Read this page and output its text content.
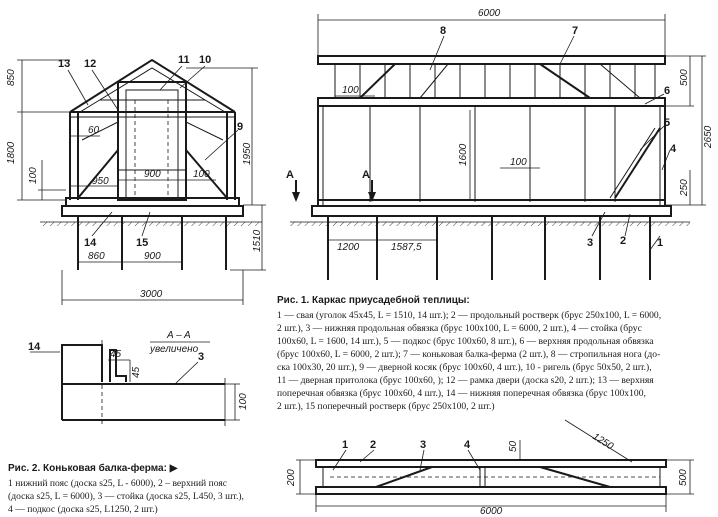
850
1800
100
60
950
900	100
1950
1510
860	900
3000
13 12	11 10
9
14	15
6000
500
100
1600	100
2650
250
1200	1587,5
A	A
8	7
6
5
4
3 2	1
A – A
увеличено
45
45
100
14
3
1250
200
50
500
6000
1 2	3	4
Рис. 1. Каркас приусадебной теплицы:
1 — свая (уголок 45х45, L = 1510, 14 шт.); 2 — продольный ростверк (брус 250х100, L = 6000,
2 шт.), 3 — нижняя продольная обвязка (брус 100х100, L = 6000, 2 шт.), 4 — стойка (брус
100х60, L = 1600, 14 шт.), 5 — подкос (брус 100х60, 8 шт.), 6 — верхняя продольная обвязка
(брус 100х60, L = 6000, 2 шт.); 7 — коньковая балка-ферма (2 шт.), 8 — стропильная нога (до-
ска 100х30, 20 шт.), 9 — дверной косяк (брус 100х60, 4 шт.), 10 - ригель (брус 50х50, 2 шт.),
11 — дверная притолока (брус 100х60, ); 12 — рамка двери (доска s20, 2 шт.); 13 — верхняя
поперечная обвязка (брус 100х60, 4 шт.), 14 — нижняя поперечная обвязка (брус 100х100,
2 шт.), 15 поперечный ростверк (брус 250х100, 2 шт.)
Рис. 2. Коньковая балка-ферма: ▶
1 нижний пояс (доска s25, L - 6000), 2 – верхний пояс
(доска s25, L = 6000), 3 — стойка (доска s25, L450, 3 шт.),
4 — подкос (доска s25, L1250, 2 шт.)
